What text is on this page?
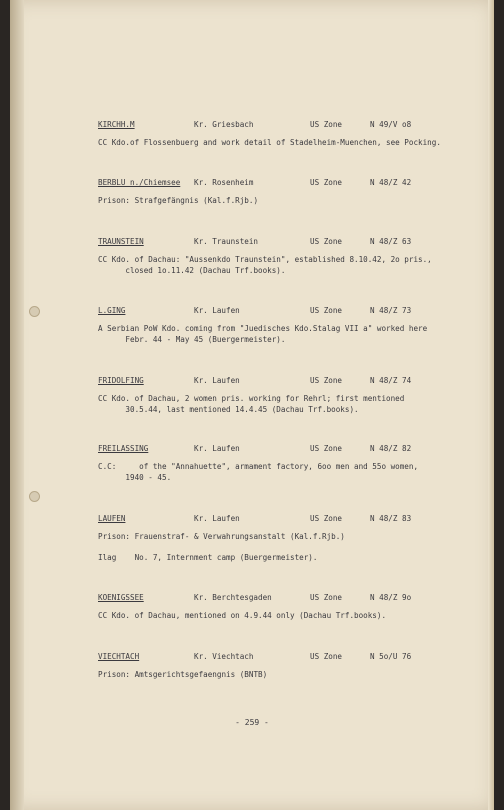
KIRCHH.M	Kr. Griesbach	US Zone	N 49/V o8
CC Kdo.of Flossenbuerg and work detail of Stadelheim-Muenchen, see Pocking.
BERBLU n./Chiemsee Kr. Rosenheim	US Zone	N 48/Z 42
Prison: Strafgefängnis (Kal.f.Rjb.)
TRAUNSTEIN	Kr. Traunstein	US Zone	N 48/Z 63
CC Kdo. of Dachau: "Aussenkdo Traunstein", established 8.10.42, 2o pris.,
closed 1o.11.42 (Dachau Trf.books).
L.GING	Kr. Laufen	US Zone	N 48/Z 73
A Serbian PoW Kdo. coming from "Juedisches Kdo.Stalag VII a" worked here
Febr. 44 - May 45 (Buergermeister).
FRIDOLFING	Kr. Laufen	US Zone	N 48/Z 74
CC Kdo. of Dachau, 2 women pris. working for Rehrl; first mentioned
30.5.44, last mentioned 14.4.45 (Dachau Trf.books).
FREILASSING	Kr. Laufen	US Zone	N 48/Z 82
C.C:     of the "Annahuette", armament factory, 6oo men and 55o women,
1940 - 45.
LAUFEN	Kr. Laufen	US Zone	N 48/Z 83
Prison: Frauenstraf- & Verwahrungsanstalt (Kal.f.Rjb.)

Ilag    No. 7, Internment camp (Buergermeister).
KOENIGSSEE	Kr. Berchtesgaden	US Zone	N 48/Z 9o
CC Kdo. of Dachau, mentioned on 4.9.44 only (Dachau Trf.books).
VIECHTACH	Kr. Viechtach	US Zone	N 5o/U 76
Prison: Amtsgerichtsgefaengnis (BNTB)
- 259 -
